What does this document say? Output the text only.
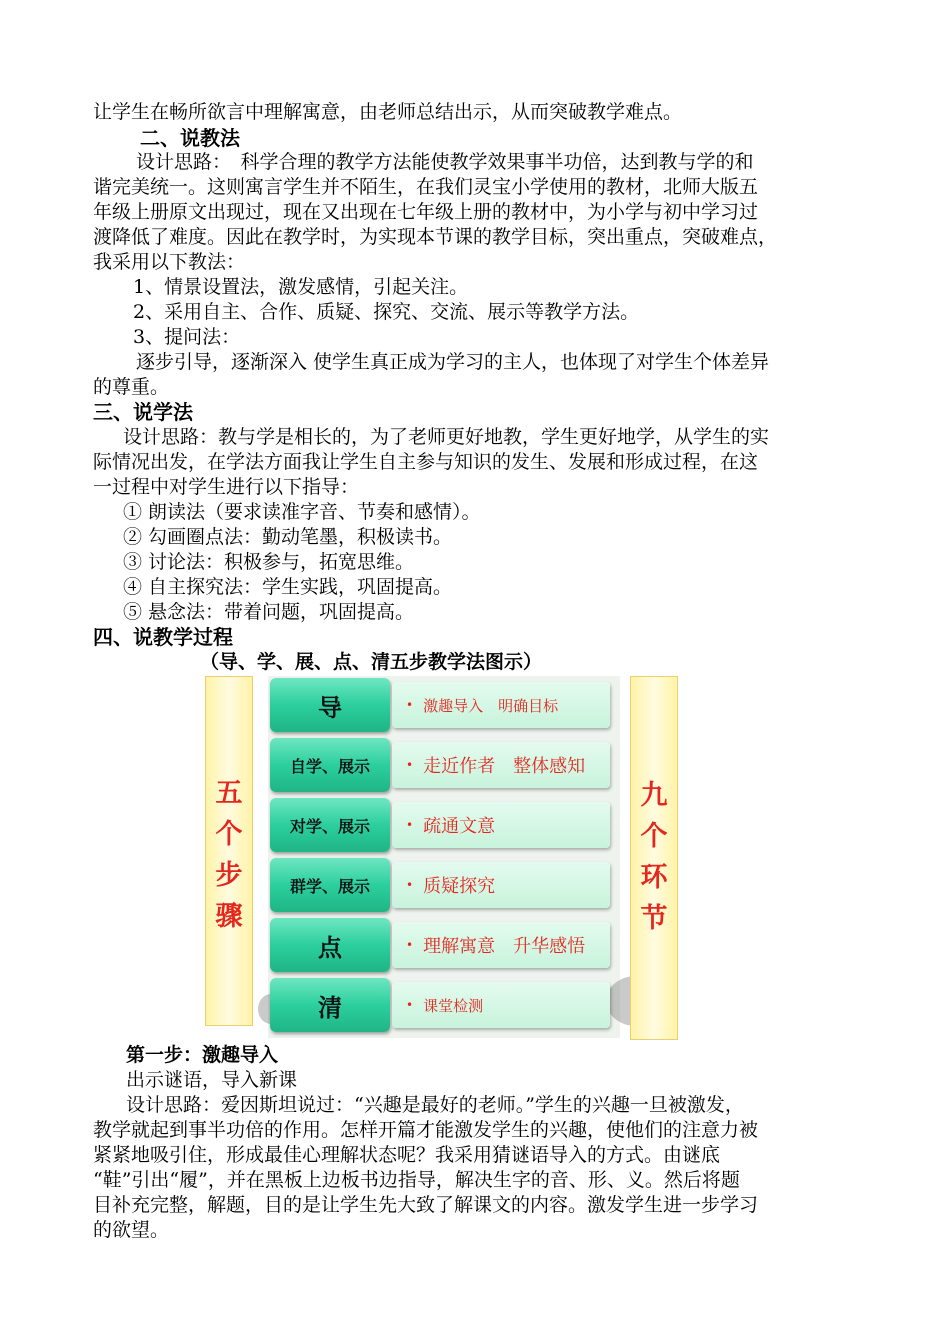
让学生在畅所欲言中理解寓意，由老师总结出示，从而突破教学难点。
二、说教法
设计思路：　科学合理的教学方法能使教学效果事半功倍，达到教与学的和
谐完美统一。这则寓言学生并不陌生，在我们灵宝小学使用的教材，北师大版五
年级上册原文出现过，现在又出现在七年级上册的教材中，为小学与初中学习过
渡降低了难度。因此在教学时，为实现本节课的教学目标，突出重点，突破难点，
我采用以下教法：
1、情景设置法，激发感情，引起关注。
2、采用自主、合作、质疑、探究、交流、展示等教学方法。
3、提问法：
逐步引导，逐渐深入 使学生真正成为学习的主人，也体现了对学生个体差异
的尊重。
三、说学法
设计思路：教与学是相长的，为了老师更好地教，学生更好地学，从学生的实
际情况出发，在学法方面我让学生自主参与知识的发生、发展和形成过程，在这
一过程中对学生进行以下指导：
① 朗读法（要求读准字音、节奏和感情）。
② 勾画圈点法：勤动笔墨，积极读书。
③ 讨论法：积极参与，拓宽思维。
④ 自主探究法：学生实践，巩固提高。
⑤ 悬念法：带着问题，巩固提高。
四、说教学过程
（导、学、展、点、清五步教学法图示）
五
个
步
骤
导	• 激趣导入　明确目标
自学、展示	• 走近作者　整体感知
对学、展示	• 疏通文意
群学、展示	• 质疑探究
点	• 理解寓意　升华感悟
清	• 课堂检测
九
个
环
节
第一步：激趣导入
出示谜语，导入新课
设计思路：爱因斯坦说过：“兴趣是最好的老师。”学生的兴趣一旦被激发，
教学就起到事半功倍的作用。怎样开篇才能激发学生的兴趣，使他们的注意力被
紧紧地吸引住，形成最佳心理解状态呢？我采用猜谜语导入的方式。由谜底
“鞋”引出“履”，并在黑板上边板书边指导，解决生字的音、形、义。然后将题
目补充完整，解题，目的是让学生先大致了解课文的内容。激发学生进一步学习
的欲望。
